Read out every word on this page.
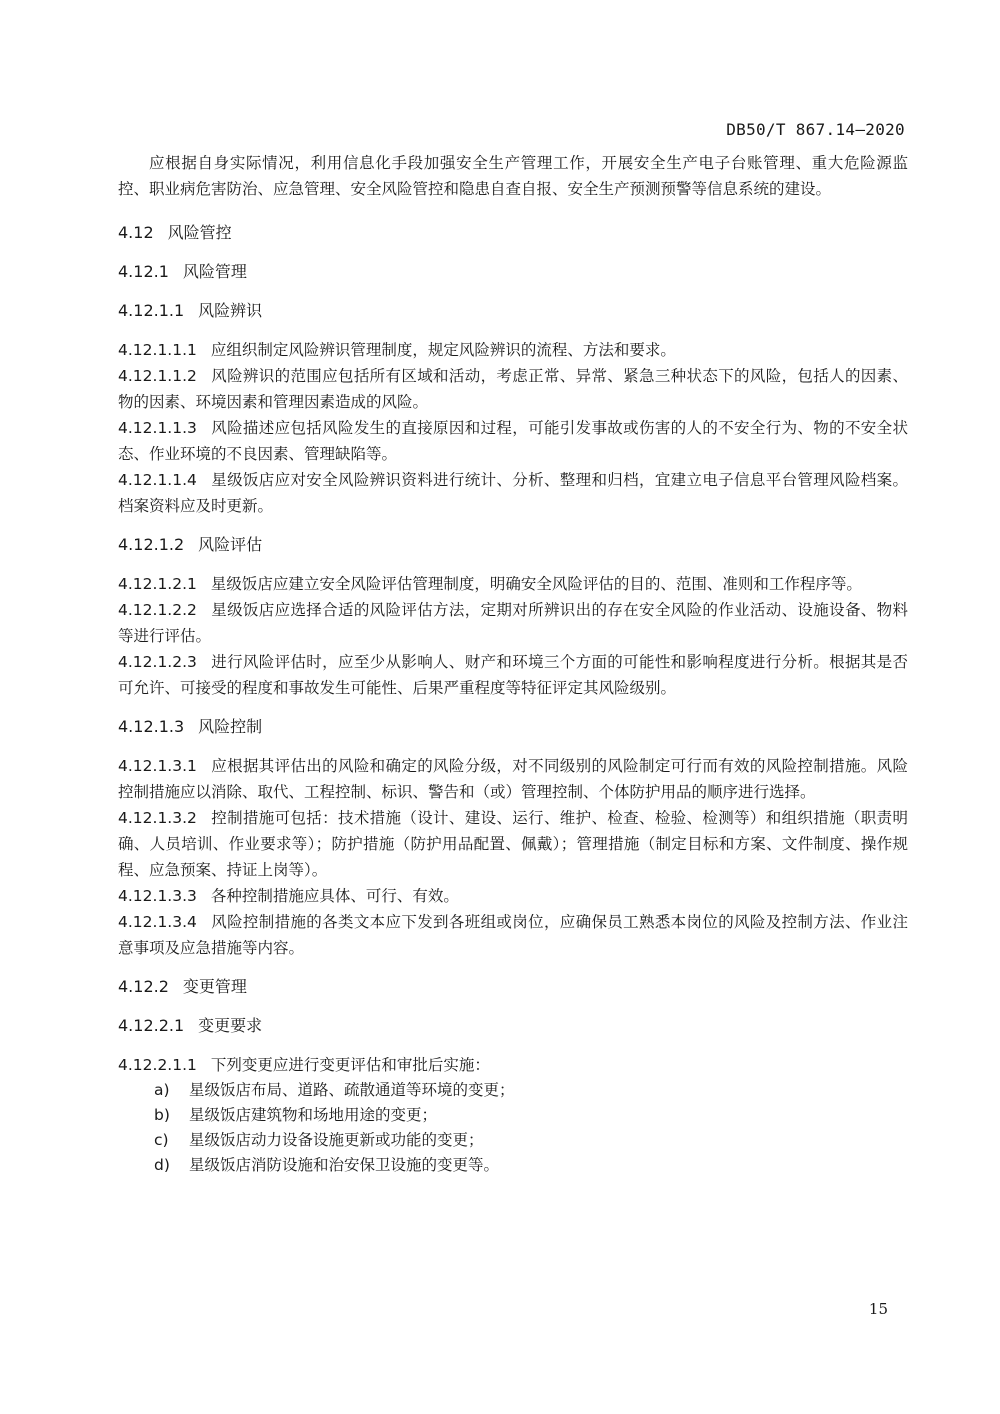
DB50/T 867.14—2020

应根据自身实际情况，利用信息化手段加强安全生产管理工作，开展安全生产电子台账管理、重大危险源监控、职业病危害防治、应急管理、安全风险管控和隐患自查自报、安全生产预测预警等信息系统的建设。

4.12 风险管控
4.12.1 风险管理
4.12.1.1 风险辨识

4.12.1.1.1 应组织制定风险辨识管理制度，规定风险辨识的流程、方法和要求。

4.12.1.1.2 风险辨识的范围应包括所有区域和活动，考虑正常、异常、紧急三种状态下的风险，包括人的因素、物的因素、环境因素和管理因素造成的风险。

4.12.1.1.3 风险描述应包括风险发生的直接原因和过程，可能引发事故或伤害的人的不安全行为、物的不安全状态、作业环境的不良因素、管理缺陷等。

4.12.1.1.4 星级饭店应对安全风险辨识资料进行统计、分析、整理和归档，宜建立电子信息平台管理风险档案。档案资料应及时更新。

4.12.1.2 风险评估

4.12.1.2.1 星级饭店应建立安全风险评估管理制度，明确安全风险评估的目的、范围、准则和工作程序等。

4.12.1.2.2 星级饭店应选择合适的风险评估方法，定期对所辨识出的存在安全风险的作业活动、设施设备、物料等进行评估。

4.12.1.2.3 进行风险评估时，应至少从影响人、财产和环境三个方面的可能性和影响程度进行分析。根据其是否可允许、可接受的程度和事故发生可能性、后果严重程度等特征评定其风险级别。

4.12.1.3 风险控制

4.12.1.3.1 应根据其评估出的风险和确定的风险分级，对不同级别的风险制定可行而有效的风险控制措施。风险控制措施应以消除、取代、工程控制、标识、警告和（或）管理控制、个体防护用品的顺序进行选择。

4.12.1.3.2 控制措施可包括：技术措施（设计、建设、运行、维护、检查、检验、检测等）和组织措施（职责明确、人员培训、作业要求等）；防护措施（防护用品配置、佩戴）；管理措施（制定目标和方案、文件制度、操作规程、应急预案、持证上岗等）。

4.12.1.3.3 各种控制措施应具体、可行、有效。

4.12.1.3.4 风险控制措施的各类文本应下发到各班组或岗位，应确保员工熟悉本岗位的风险及控制方法、作业注意事项及应急措施等内容。

4.12.2 变更管理
4.12.2.1 变更要求

4.12.2.1.1 下列变更应进行变更评估和审批后实施：

a) 星级饭店布局、道路、疏散通道等环境的变更；
b) 星级饭店建筑物和场地用途的变更；
c) 星级饭店动力设备设施更新或功能的变更；
d) 星级饭店消防设施和治安保卫设施的变更等。
15
